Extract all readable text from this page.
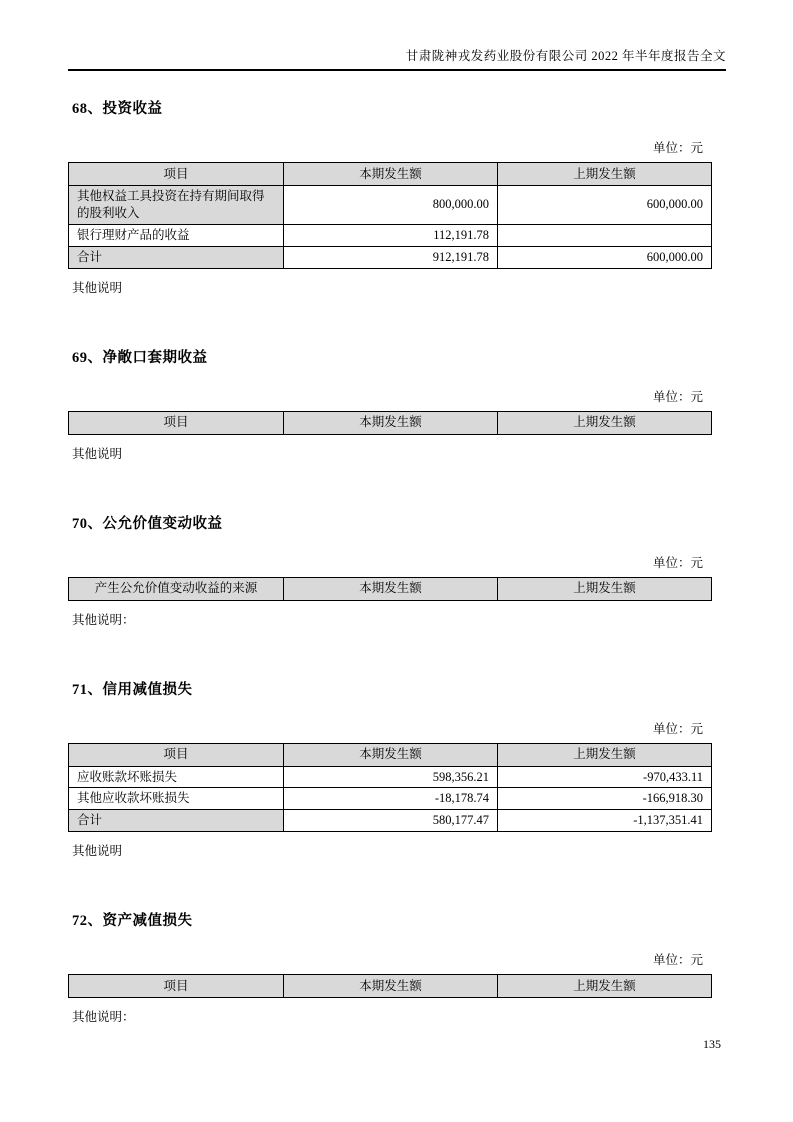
甘肃陇神戎发药业股份有限公司 2022 年半年度报告全文
68、投资收益
单位：元
项目	本期发生额	上期发生额
其他权益工具投资在持有期间取得的股利收入	800,000.00	600,000.00
银行理财产品的收益	112,191.78	
合计	912,191.78	600,000.00
其他说明
69、净敞口套期收益
单位：元
项目	本期发生额	上期发生额
其他说明
70、公允价值变动收益
单位：元
产生公允价值变动收益的来源	本期发生额	上期发生额
其他说明：
71、信用减值损失
单位：元
项目	本期发生额	上期发生额
应收账款坏账损失	598,356.21	-970,433.11
其他应收款坏账损失	-18,178.74	-166,918.30
合计	580,177.47	-1,137,351.41
其他说明
72、资产减值损失
单位：元
项目	本期发生额	上期发生额
其他说明：
135
